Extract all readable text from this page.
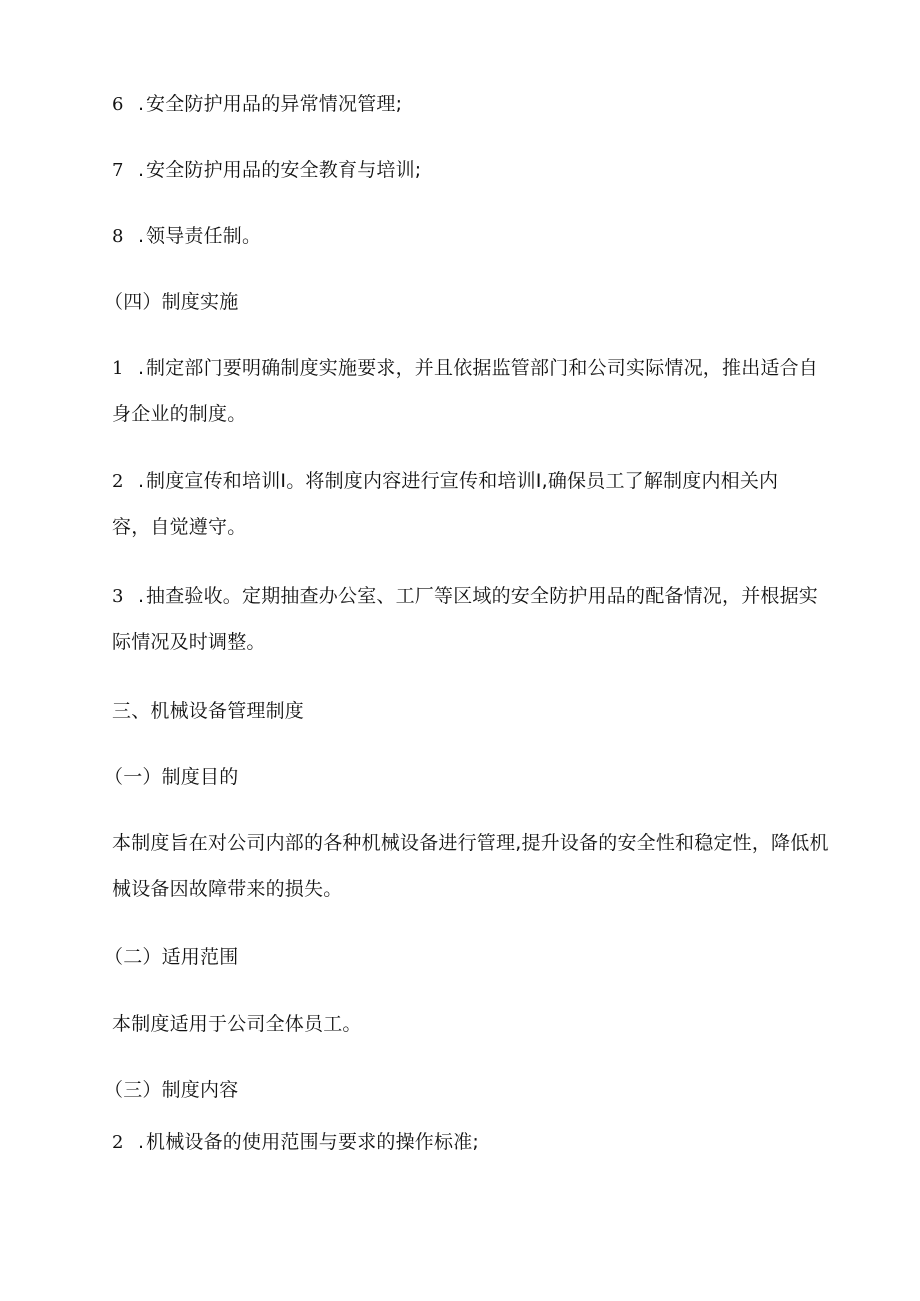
6 .安全防护用品的异常情况管理;
7 .安全防护用品的安全教育与培训;
8 .领导责任制。
（四）制度实施
1 .制定部门要明确制度实施要求，并且依据监管部门和公司实际情况，推出适合自
身企业的制度。
2 .制度宣传和培训Ⅰ。将制度内容进行宣传和培训Ⅰ,确保员工了解制度内相关内
容，自觉遵守。
3 .抽查验收。定期抽查办公室、工厂等区域的安全防护用品的配备情况，并根据实
际情况及时调整。
三、机械设备管理制度
（一）制度目的
本制度旨在对公司内部的各种机械设备进行管理,提升设备的安全性和稳定性，降低机
械设备因故障带来的损失。
（二）适用范围
本制度适用于公司全体员工。
（三）制度内容
2 .机械设备的使用范围与要求的操作标准;
